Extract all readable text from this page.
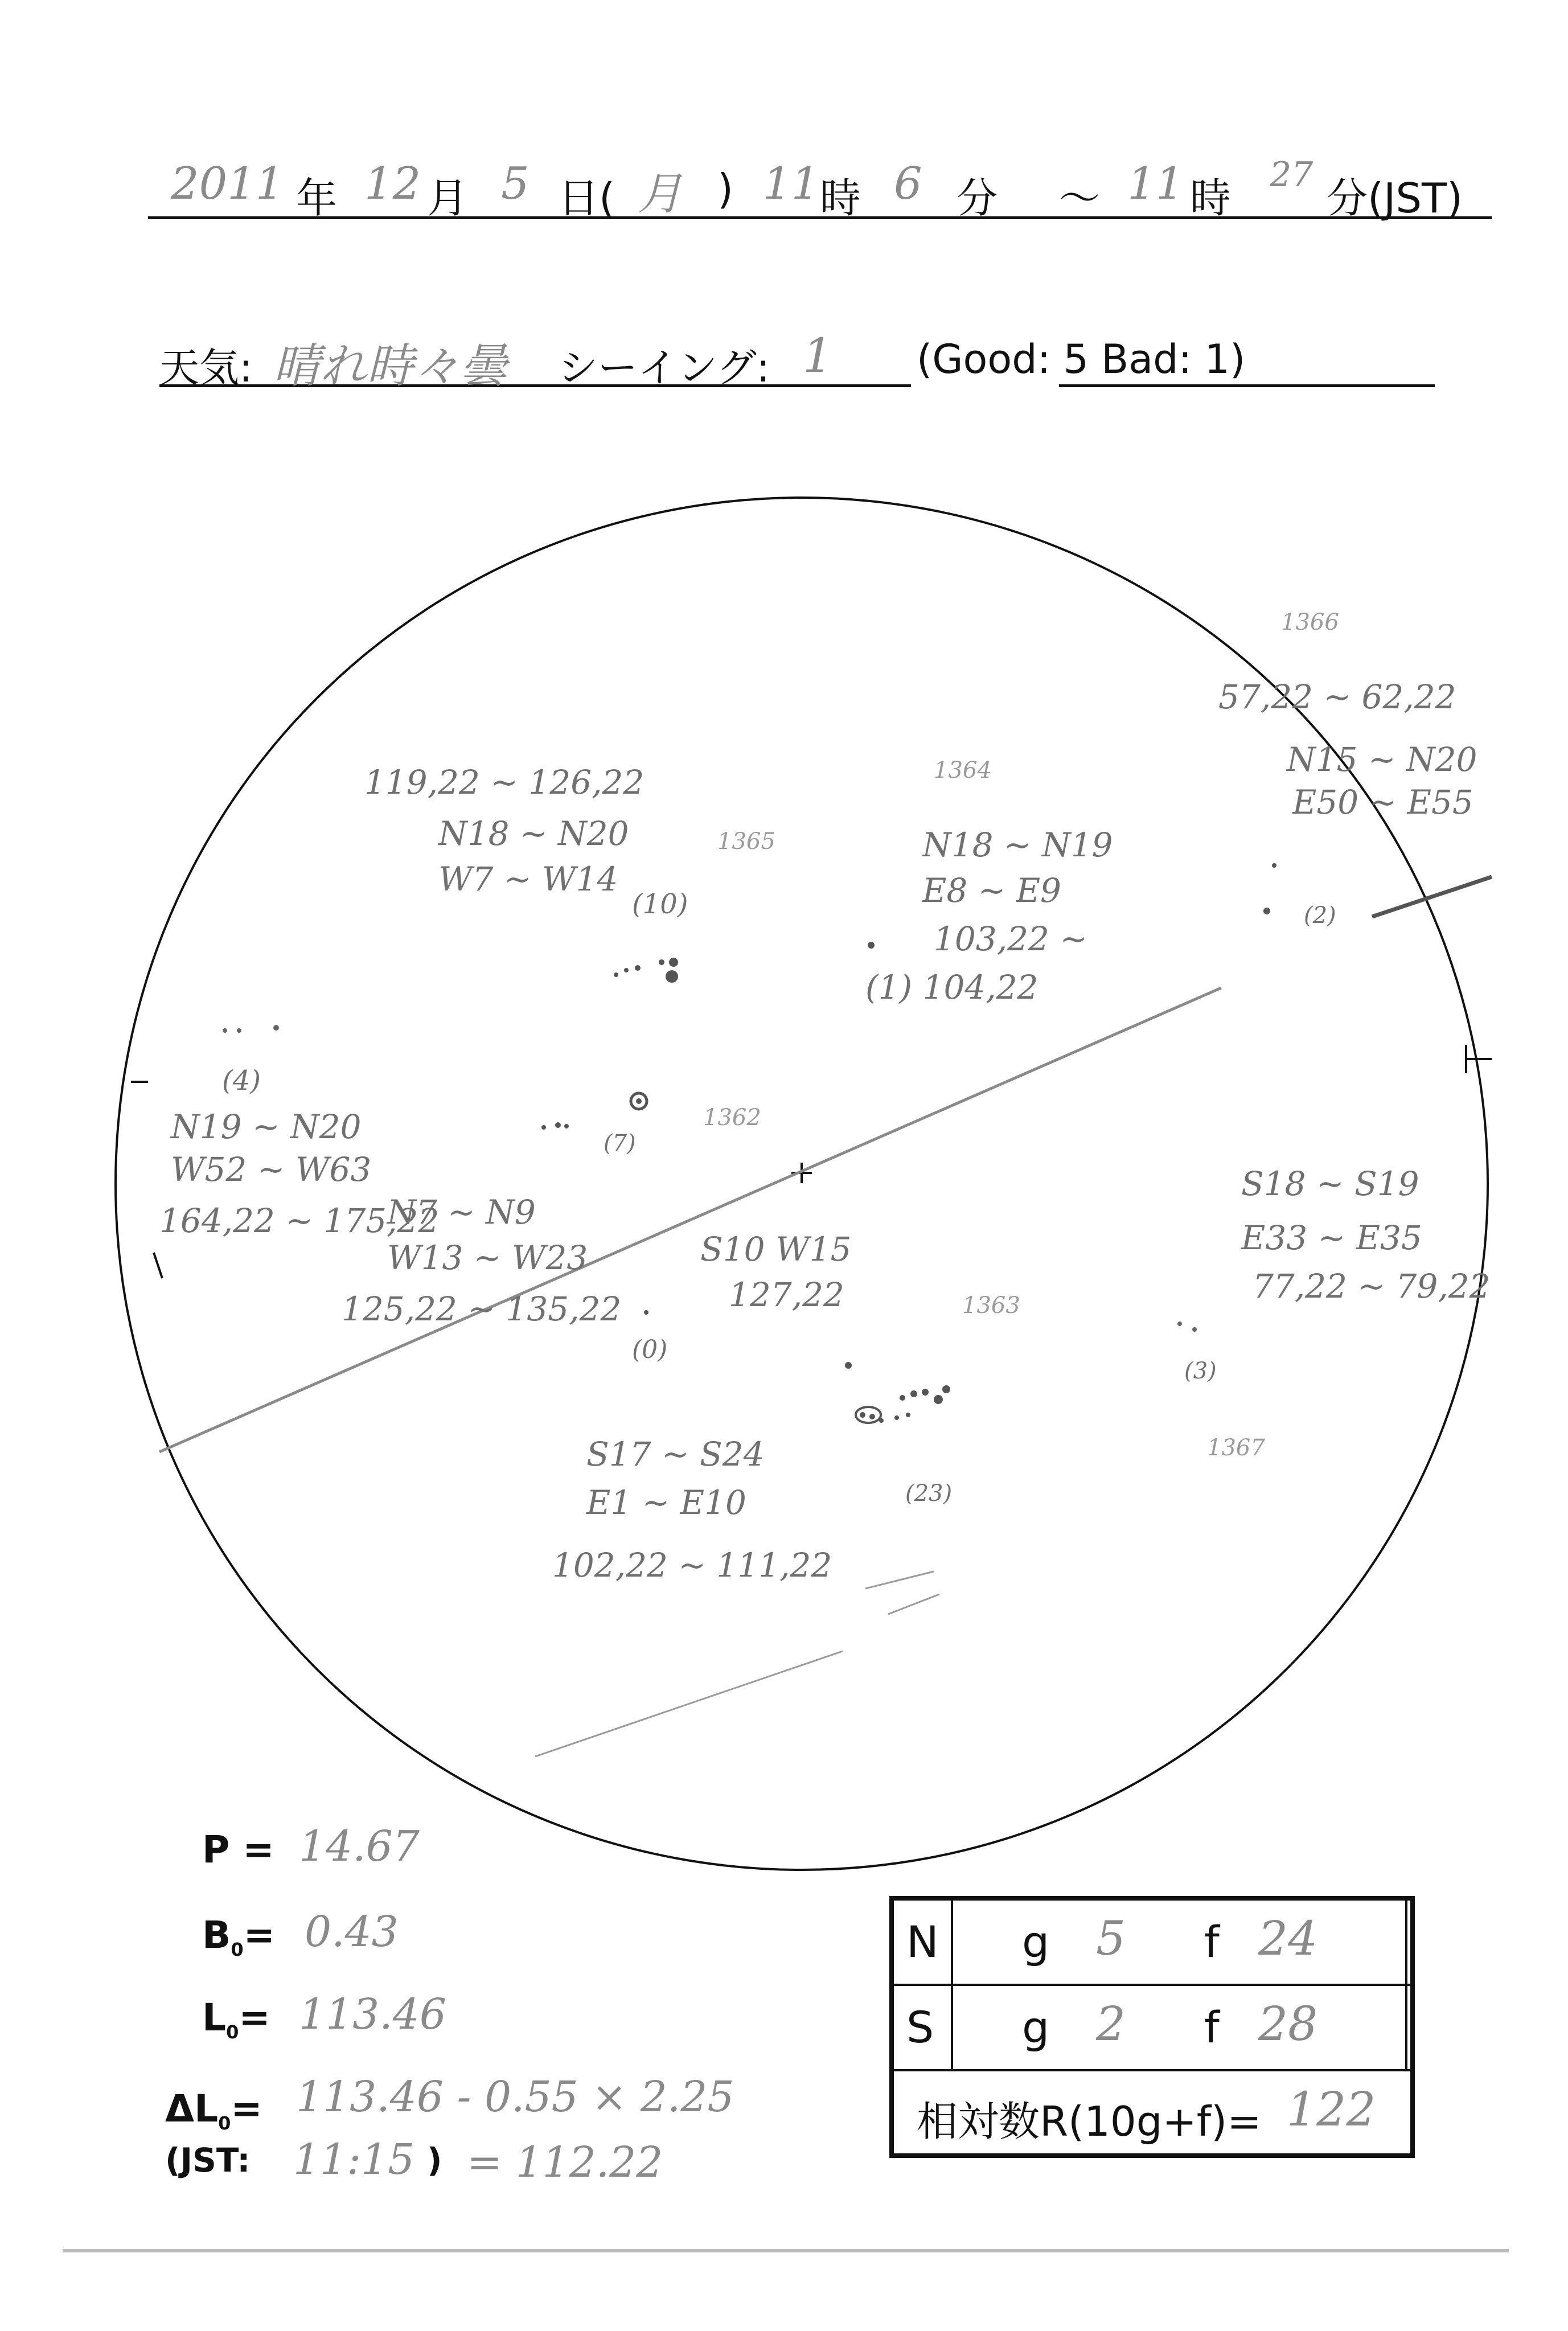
2011 年 12 月 5 日( 月 ) 11 時 6 分 ～ 11 時 27 分(JST)
天気: 晴れ時々曇 シーイング: 1 (Good: 5 Bad: 1)
1366
1364
1365
1362
1363
1367
119,22 ~ 126,22
N18 ~ N20
W7 ~ W14
(10)
N18 ~ N19
E8 ~ E9
103,22 ~
(1) 104,22
57,22 ~ 62,22
N15 ~ N20
E50 ~ E55
(2)
(4)
N19 ~ N20
W52 ~ W63
164,22 ~ 175,22
(7)
N7 ~ N9
W13 ~ W23
125,22 ~ 135,22
S10 W15
127,22
(0)
S17 ~ S24
E1 ~ E10
102,22 ~ 111,22
(23)
S18 ~ S19
E33 ~ E35
77,22 ~ 79,22
(3)
P = 14.67
$B_0= 0.43$
$L_0= 113.46$
$\Delta L_0= 113.46 - 0.55 \times 2.25$
(JST: 11:15 ) = 112.22
N g 5 f 24
S g 2 f 28
相対数R(10g+f)= 122
